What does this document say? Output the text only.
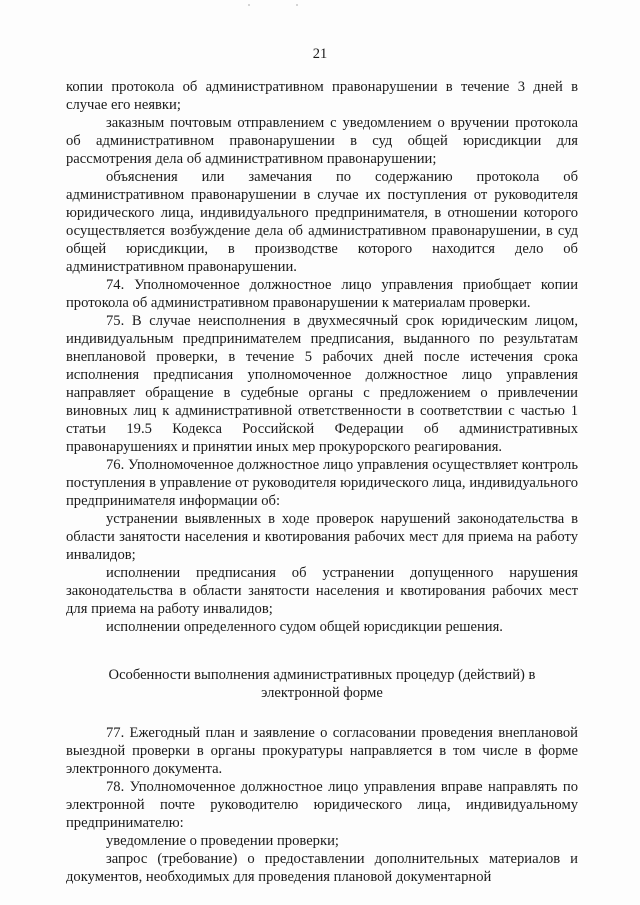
21

копии протокола об административном правонарушении в течение 3 дней в случае его неявки;

заказным почтовым отправлением с уведомлением о вручении протокола об административном правонарушении в суд общей юрисдикции для рассмотрения дела об административном правонарушении;

объяснения или замечания по содержанию протокола об административном правонарушении в случае их поступления от руководителя юридического лица, индивидуального предпринимателя, в отношении которого осуществляется возбуждение дела об административном правонарушении, в суд общей юрисдикции, в производстве которого находится дело об административном правонарушении.

74. Уполномоченное должностное лицо управления приобщает копии протокола об административном правонарушении к материалам проверки.

75. В случае неисполнения в двухмесячный срок юридическим лицом, индивидуальным предпринимателем предписания, выданного по результатам внеплановой проверки, в течение 5 рабочих дней после истечения срока исполнения предписания уполномоченное должностное лицо управления направляет обращение в судебные органы с предложением о привлечении виновных лиц к административной ответственности в соответствии с частью 1 статьи 19.5 Кодекса Российской Федерации об административных правонарушениях и принятии иных мер прокурорского реагирования.

76. Уполномоченное должностное лицо управления осуществляет контроль поступления в управление от руководителя юридического лица, индивидуального предпринимателя информации об:

устранении выявленных в ходе проверок нарушений законодательства в области занятости населения и квотирования рабочих мест для приема на работу инвалидов;

исполнении предписания об устранении допущенного нарушения законодательства в области занятости населения и квотирования рабочих мест для приема на работу инвалидов;

исполнении определенного судом общей юрисдикции решения.

Особенности выполнения административных процедур (действий) в электронной форме

77. Ежегодный план и заявление о согласовании проведения внеплановой выездной проверки в органы прокуратуры направляется в том числе в форме электронного документа.

78. Уполномоченное должностное лицо управления вправе направлять по электронной почте руководителю юридического лица, индивидуальному предпринимателю:

уведомление о проведении проверки;

запрос (требование) о предоставлении дополнительных материалов и документов, необходимых для проведения плановой документарной
